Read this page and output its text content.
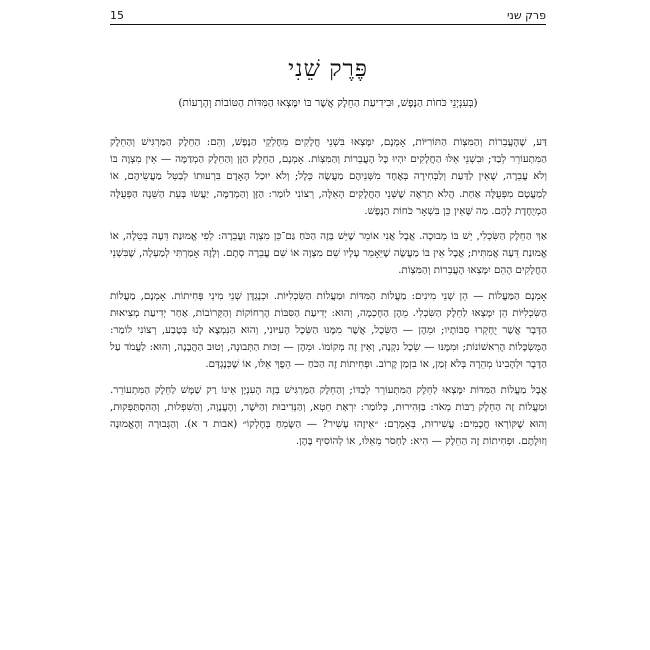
15	פרק שני
פֶּרֶק שֵׁנִי
(בְּעִנְיְנֵי כֹּחוֹת הַנֶּפֶשׁ, וּבִידִיעַת הַחֵלֶק אֲשֶׁר בּוֹ יִמָּצְאוּ הַמִּדּוֹת הַטּוֹבוֹת וְהָרָעוֹת)

דַּע, שֶׁהָעֲבֵרוֹת וְהַמִּצְוֹת הַתּוֹרִיּוֹת, אָמְנָם, יִמָּצְאוּ בִּשְׁנֵי חֲלָקִים מֵחֶלְקֵי הַנֶּפֶשׁ, וְהֵם: הַחֵלֶק הַמַּרְגִּישׁ וְהַחֵלֶק הַמִּתְעוֹרֵר לְבַד; וּבִשְׁנֵי אֵלּוּ הַחֲלָקִים יִהְיוּ כָּל הָעֲבֵרוֹת וְהַמִּצְוֹת. אָמְנָם, הַחֵלֶק הַזָּן וְהַחֵלֶק הַמְדַמֶּה — אֵין מִצְוָה בּוֹ וְלֹא עֲבֵרָה, שֶׁאֵין לַדַּעַת וְלַבְּחִירָה בְּאֶחָד מִשְּׁנֵיהֶם מַעֲשֶׂה כְּלָל; וְלֹא יוּכַל הָאָדָם בִּרְעוּתוֹ לְבַטֵּל מַעֲשֵׂיהֶם, אוֹ לְמַעֲטָם מִפְּעֻלָּה אַחַת. הֲלֹא תִרְאֶה שֶׁשְּׁנֵי הַחֲלָקִים הָאֵלֶּה, רְצוֹנִי לוֹמַר: הַזָּן וְהַמְדַמֶּה, יַעֲשׂוּ בְּעֵת הַשֵּׁנָה הַפְּעֻלָּה הַמְיֻחֶדֶת לָהֶם. מַה שֶּׁאֵין כֵּן בִּשְׁאָר כֹּחוֹת הַנֶּפֶשׁ.

אַךְ הַחֵלֶק הַשִּׂכְלִי, יֵשׁ בּוֹ מְבוּכָה. אֲבָל אֲנִי אוֹמֵר שֶׁיֵּשׁ בְּזֶה הַכֹּחַ גַּם־כֵּן מִצְוָה וַעֲבֵרָה: לְפִי אֱמוּנַת דֵּעָה בְּטֵלָה, אוֹ אֱמוּנַת דֵּעָה אֲמִתִּית; אֲבָל אֵין בּוֹ מַעֲשֶׂה שֶׁיֵּאָמֵר עָלָיו שֵׁם מִצְוָה אוֹ שֵׁם עֲבֵרָה סְתָם. וְלָזֶה אָמַרְתִּי לְמַעְלָה, שֶׁבִּשְׁנֵי הַחֲלָקִים הָהֵם יִמָּצְאוּ הָעֲבֵרוֹת וְהַמִּצְוֹת.

אָמְנָם הַמַּעֲלוֹת — הֵן שְׁנֵי מִינִים: מַעֲלוֹת הַמִּדּוֹת וּמַעֲלוֹת הַשִּׂכְלִיּוֹת. וּכְנֶגְדָּן שְׁנֵי מִינֵי פְּחִיתוֹת. אָמְנָם, מַעֲלוֹת הַשִּׂכְלִיּוֹת הֵן יִמָּצְאוּ לַחֵלֶק הַשִּׂכְלִי. מֵהֶן הַחָכְמָה, וְהוּא: יְדִיעַת הַסִּבּוֹת הָרְחוֹקוֹת וְהַקְּרוֹבוֹת, אַחַר יְדִיעַת מְצִיאוּת הַדָּבָר אֲשֶׁר יֻחְקְרוּ סִבּוֹתָיו; וּמֵהֶן — הַשֵּׂכֶל, אֲשֶׁר מִמֶּנּוּ הַשֵּׂכֶל הָעִיּוּנִי, וְהוּא הַנִּמְצָא לָנוּ בְּטֶבַע, רְצוֹנִי לוֹמַר: הַמֻּשְׂכָּלוֹת הָרִאשׁוֹנוֹת; וּמִמֶּנּוּ — שֵׂכֶל נִקְנֶה, וְאֵין זֶה מְקוֹמוֹ. וּמֵהֶן — זַכּוּת הַתְּבוּנָה, וְטוּב הַהֲבָנָה, וְהוּא: לַעֲמֹד עַל הַדָּבָר וּלְהָבִינוֹ מְהֵרָה בְּלֹא זְמַן, אוֹ בִזְמַן קָרוֹב. וּפְחִיתוֹת זֶה הַכֹּחַ — הֵפֶךְ אֵלּוּ, אוֹ שֶׁכְּנֶגְדָּם.

אֲבָל מַעֲלוֹת הַמִּדּוֹת יִמָּצְאוּ לַחֵלֶק הַמִּתְעוֹרֵר לְבַדּוֹ; וְהַחֵלֶק הַמַּרְגִּישׁ בְּזֶה הָעִנְיָן אֵינוֹ רַק שַׁמָּשׁ לַחֵלֶק הַמִּתְעוֹרֵר. וּמַעֲלוֹת זֶה הַחֵלֶק רַבּוֹת מְאֹד: בַּזְּהִירוּת, כְּלוֹמַר: יִרְאַת חֵטְא, וְהַנְּדִיבוּת וְהַיֹּשֶׁר, וְהָעֲנָוָה, וְהַשִּׁפְלוּת, וְהַהִסְתַּפְּקוּת, וְהוּא שֶׁקּוֹרְאוּ חֲכָמִים: עֲשִׁירוּת, בְּאָמְרָם: ״אֵיזֶהוּ עָשִׁיר? — הַשָּׂמֵחַ בְּחֶלְקוֹ״ (אבות ד א). וְהַגְּבוּרָה וְהָאֱמוּנָה וְזוּלָתָם. וּפְחִיתוֹת זֶה הַחֵלֶק — הִיא: לַחְסֹר מֵאֵלּוּ, אוֹ לְהוֹסִיף בָּהֶן.
